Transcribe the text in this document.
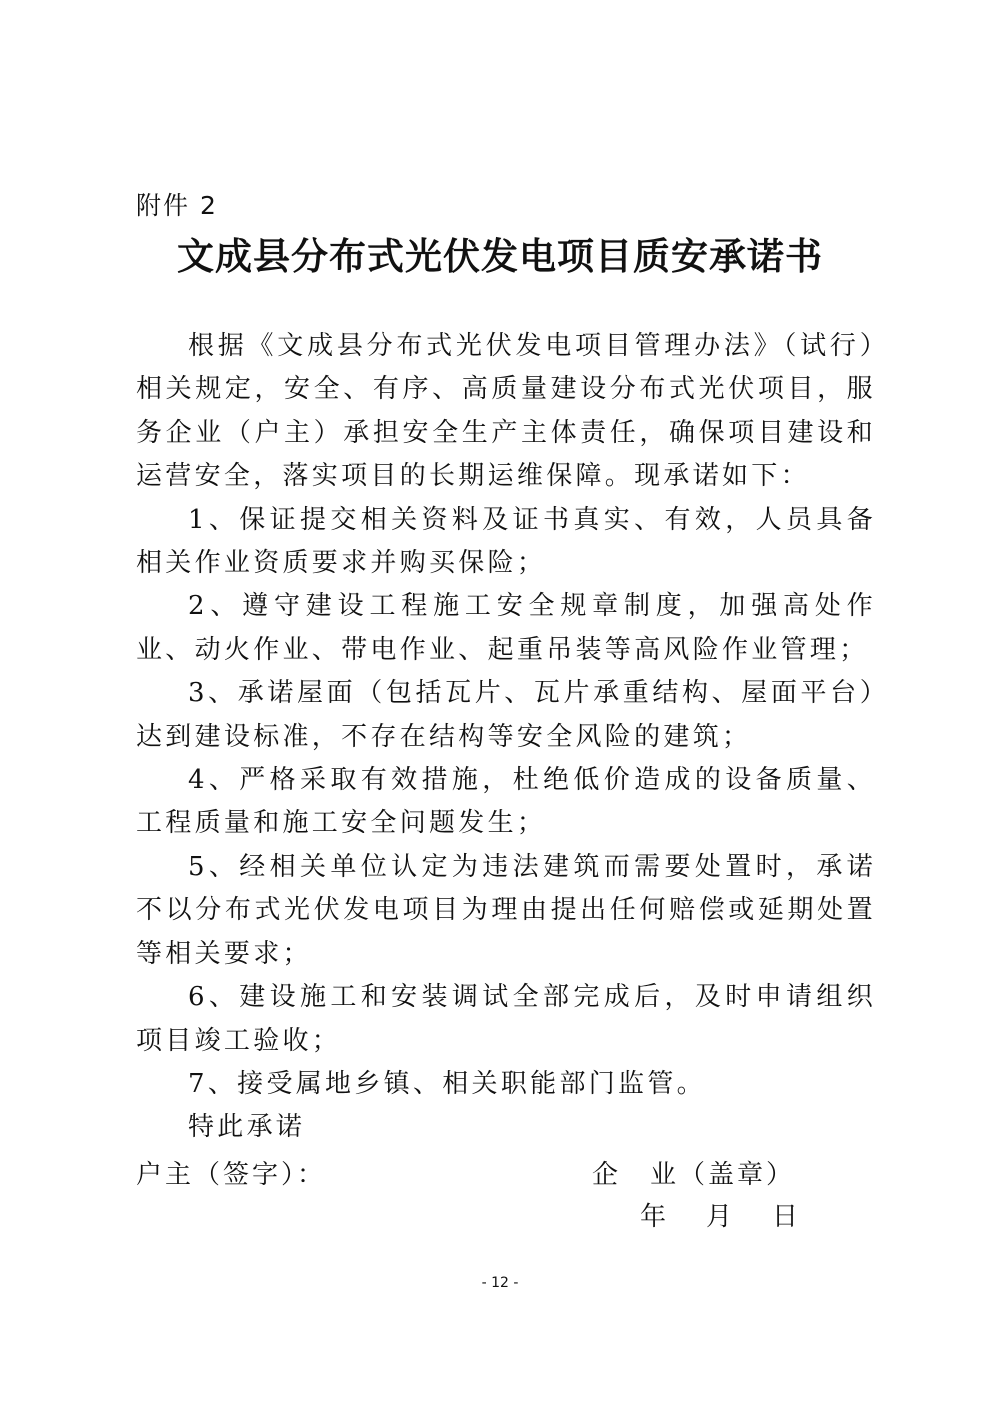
附件 2
文成县分布式光伏发电项目质安承诺书

根据《文成县分布式光伏发电项目管理办法》（试行）相关规定，安全、有序、高质量建设分布式光伏项目，服务企业（户主）承担安全生产主体责任，确保项目建设和运营安全，落实项目的长期运维保障。现承诺如下：

1、保证提交相关资料及证书真实、有效，人员具备相关作业资质要求并购买保险；

2、遵守建设工程施工安全规章制度，加强高处作业、动火作业、带电作业、起重吊装等高风险作业管理；

3、承诺屋面（包括瓦片、瓦片承重结构、屋面平台）达到建设标准，不存在结构等安全风险的建筑；

4、严格采取有效措施，杜绝低价造成的设备质量、工程质量和施工安全问题发生；

5、经相关单位认定为违法建筑而需要处置时，承诺不以分布式光伏发电项目为理由提出任何赔偿或延期处置等相关要求；

6、建设施工和安装调试全部完成后，及时申请组织项目竣工验收；

7、接受属地乡镇、相关职能部门监管。

特此承诺

户主（签字）：	企　业（盖章）
年 月 日
- 12 -
